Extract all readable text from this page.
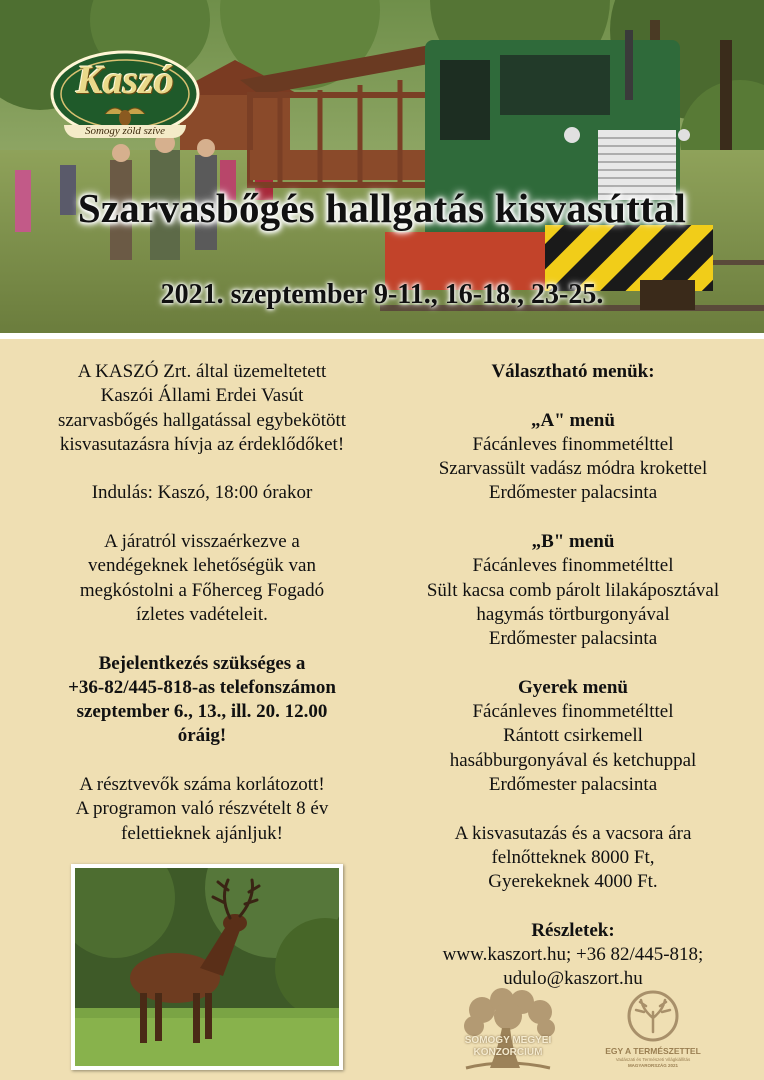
Kaszó
Somogy zöld szíve
Szarvasbőgés hallgatás kisvasúttal
2021. szeptember 9-11., 16-18., 23-25.

A KASZÓ Zrt. által üzemeltetett

Kaszói Állami Erdei Vasút

szarvasbőgés hallgatással egybekötött

kisvasutazásra hívja az érdeklődőket!

Indulás: Kaszó, 18:00 órakor

A járatról visszaérkezve a

vendégeknek lehetőségük van

megkóstolni a Főherceg Fogadó

ízletes vadételeit.

Bejelentkezés szükséges a

+36-82/445-818-as telefonszámon

szeptember 6., 13., ill. 20. 12.00

óráig!

A résztvevők száma korlátozott!

A programon való részvételt 8 év

felettieknek ajánljuk!

Választható menük:

„A" menü

Fácánleves finommetélttel

Szarvassült vadász módra krokettel

Erdőmester palacsinta

„B" menü

Fácánleves finommetélttel

Sült kacsa comb párolt lilakáposztával

hagymás törtburgonyával

Erdőmester palacsinta

Gyerek menü

Fácánleves finommetélttel

Rántott csirkemell

hasábburgonyával és ketchuppal

Erdőmester palacsinta

A kisvasutazás és a vacsora ára

felnőtteknek 8000 Ft,

Gyerekeknek 4000 Ft.

Részletek:

www.kaszort.hu; +36 82/445-818;

udulo@kaszort.hu

SOMOGY MEGYEI
KONZORCIUM	EGY A TERMÉSZETTEL
Vadászati és Természeti Világkiállítás
MAGYARORSZÁG 2021
